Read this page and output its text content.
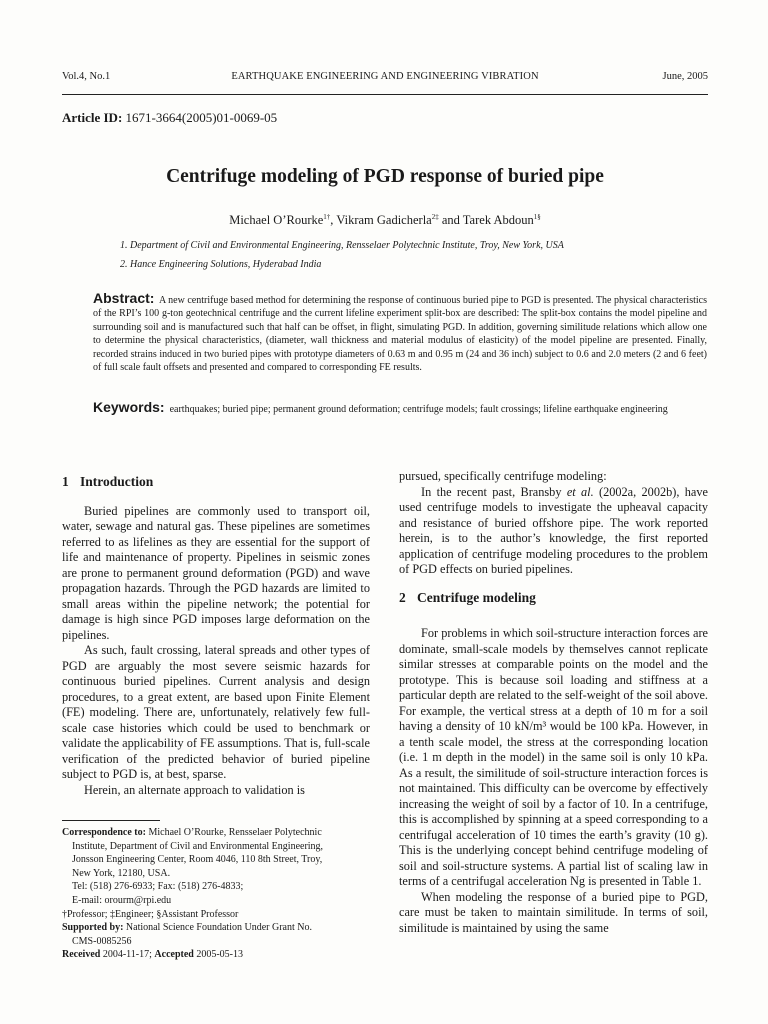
Vol.4, No.1	EARTHQUAKE ENGINEERING AND ENGINEERING VIBRATION	June, 2005
Article ID: 1671-3664(2005)01-0069-05
Centrifuge modeling of PGD response of buried pipe
Michael O’Rourke$^{1\dagger}$, Vikram Gadicherla$^{2\ddagger}$ and Tarek Abdoun$^{1\S}$
1. Department of Civil and Environmental Engineering, Rensselaer Polytechnic Institute, Troy, New York, USA
2. Hance Engineering Solutions, Hyderabad India
Abstract: A new centrifuge based method for determining the response of continuous buried pipe to PGD is presented. The physical characteristics of the RPI’s 100 g-ton geotechnical centrifuge and the current lifeline experiment split-box are described: The split-box contains the model pipeline and surrounding soil and is manufactured such that half can be offset, in flight, simulating PGD. In addition, governing similitude relations which allow one to determine the physical characteristics, (diameter, wall thickness and material modulus of elasticity) of the model pipeline are presented. Finally, recorded strains induced in two buried pipes with prototype diameters of 0.63 m and 0.95 m (24 and 36 inch) subject to 0.6 and 2.0 meters (2 and 6 feet) of full scale fault offsets and presented and compared to corresponding FE results.
Keywords: earthquakes; buried pipe; permanent ground deformation; centrifuge models; fault crossings; lifeline earthquake engineering
1 Introduction

Buried pipelines are commonly used to transport oil, water, sewage and natural gas. These pipelines are sometimes referred to as lifelines as they are essential for the support of life and maintenance of property. Pipelines in seismic zones are prone to permanent ground deformation (PGD) and wave propagation hazards. Through the PGD hazards are limited to small areas within the pipeline network; the potential for damage is high since PGD imposes large deformation on the pipelines.

As such, fault crossing, lateral spreads and other types of PGD are arguably the most severe seismic hazards for continuous buried pipelines. Current analysis and design procedures, to a great extent, are based upon Finite Element (FE) modeling. There are, unfortunately, relatively few full-scale case histories which could be used to benchmark or validate the applicability of FE assumptions. That is, full-scale verification of the predicted behavior of buried pipeline subject to PGD is, at best, sparse.

Herein, an alternate approach to validation is

pursued, specifically centrifuge modeling:

In the recent past, Bransby et al. (2002a, 2002b), have used centrifuge models to investigate the upheaval capacity and resistance of buried offshore pipe. The work reported herein, is to the author’s knowledge, the first reported application of centrifuge modeling procedures to the problem of PGD effects on buried pipelines.

2 Centrifuge modeling

For problems in which soil-structure interaction forces are dominate, small-scale models by themselves cannot replicate similar stresses at comparable points on the model and the prototype. This is because soil loading and stiffness at a particular depth are related to the self-weight of the soil above. For example, the vertical stress at a depth of 10 m for a soil having a density of 10 kN/m³ would be 100 kPa. However, in a tenth scale model, the stress at the corresponding location (i.e. 1 m depth in the model) in the same soil is only 10 kPa. As a result, the similitude of soil-structure interaction forces is not maintained. This difficulty can be overcome by effectively increasing the weight of soil by a factor of 10. In a centrifuge, this is accomplished by spinning at a speed corresponding to a centrifugal acceleration of 10 times the earth’s gravity (10 g). This is the underlying concept behind centrifuge modeling of soil and soil-structure systems. A partial list of scaling law in terms of a centrifugal acceleration Ng is presented in Table 1.

When modeling the response of a buried pipe to PGD, care must be taken to maintain similitude. In terms of soil, similitude is maintained by using the same

Correspondence to: Michael O’Rourke, Rensselaer Polytechnic
Institute, Department of Civil and Environmental Engineering,
Jonsson Engineering Center, Room 4046, 110 8th Street, Troy,
New York, 12180, USA.
Tel: (518) 276-6933; Fax: (518) 276-4833;
E-mail: orourm@rpi.edu
†Professor; ‡Engineer; §Assistant Professor
Supported by: National Science Foundation Under Grant No.
CMS-0085256
Received 2004-11-17; Accepted 2005-05-13
